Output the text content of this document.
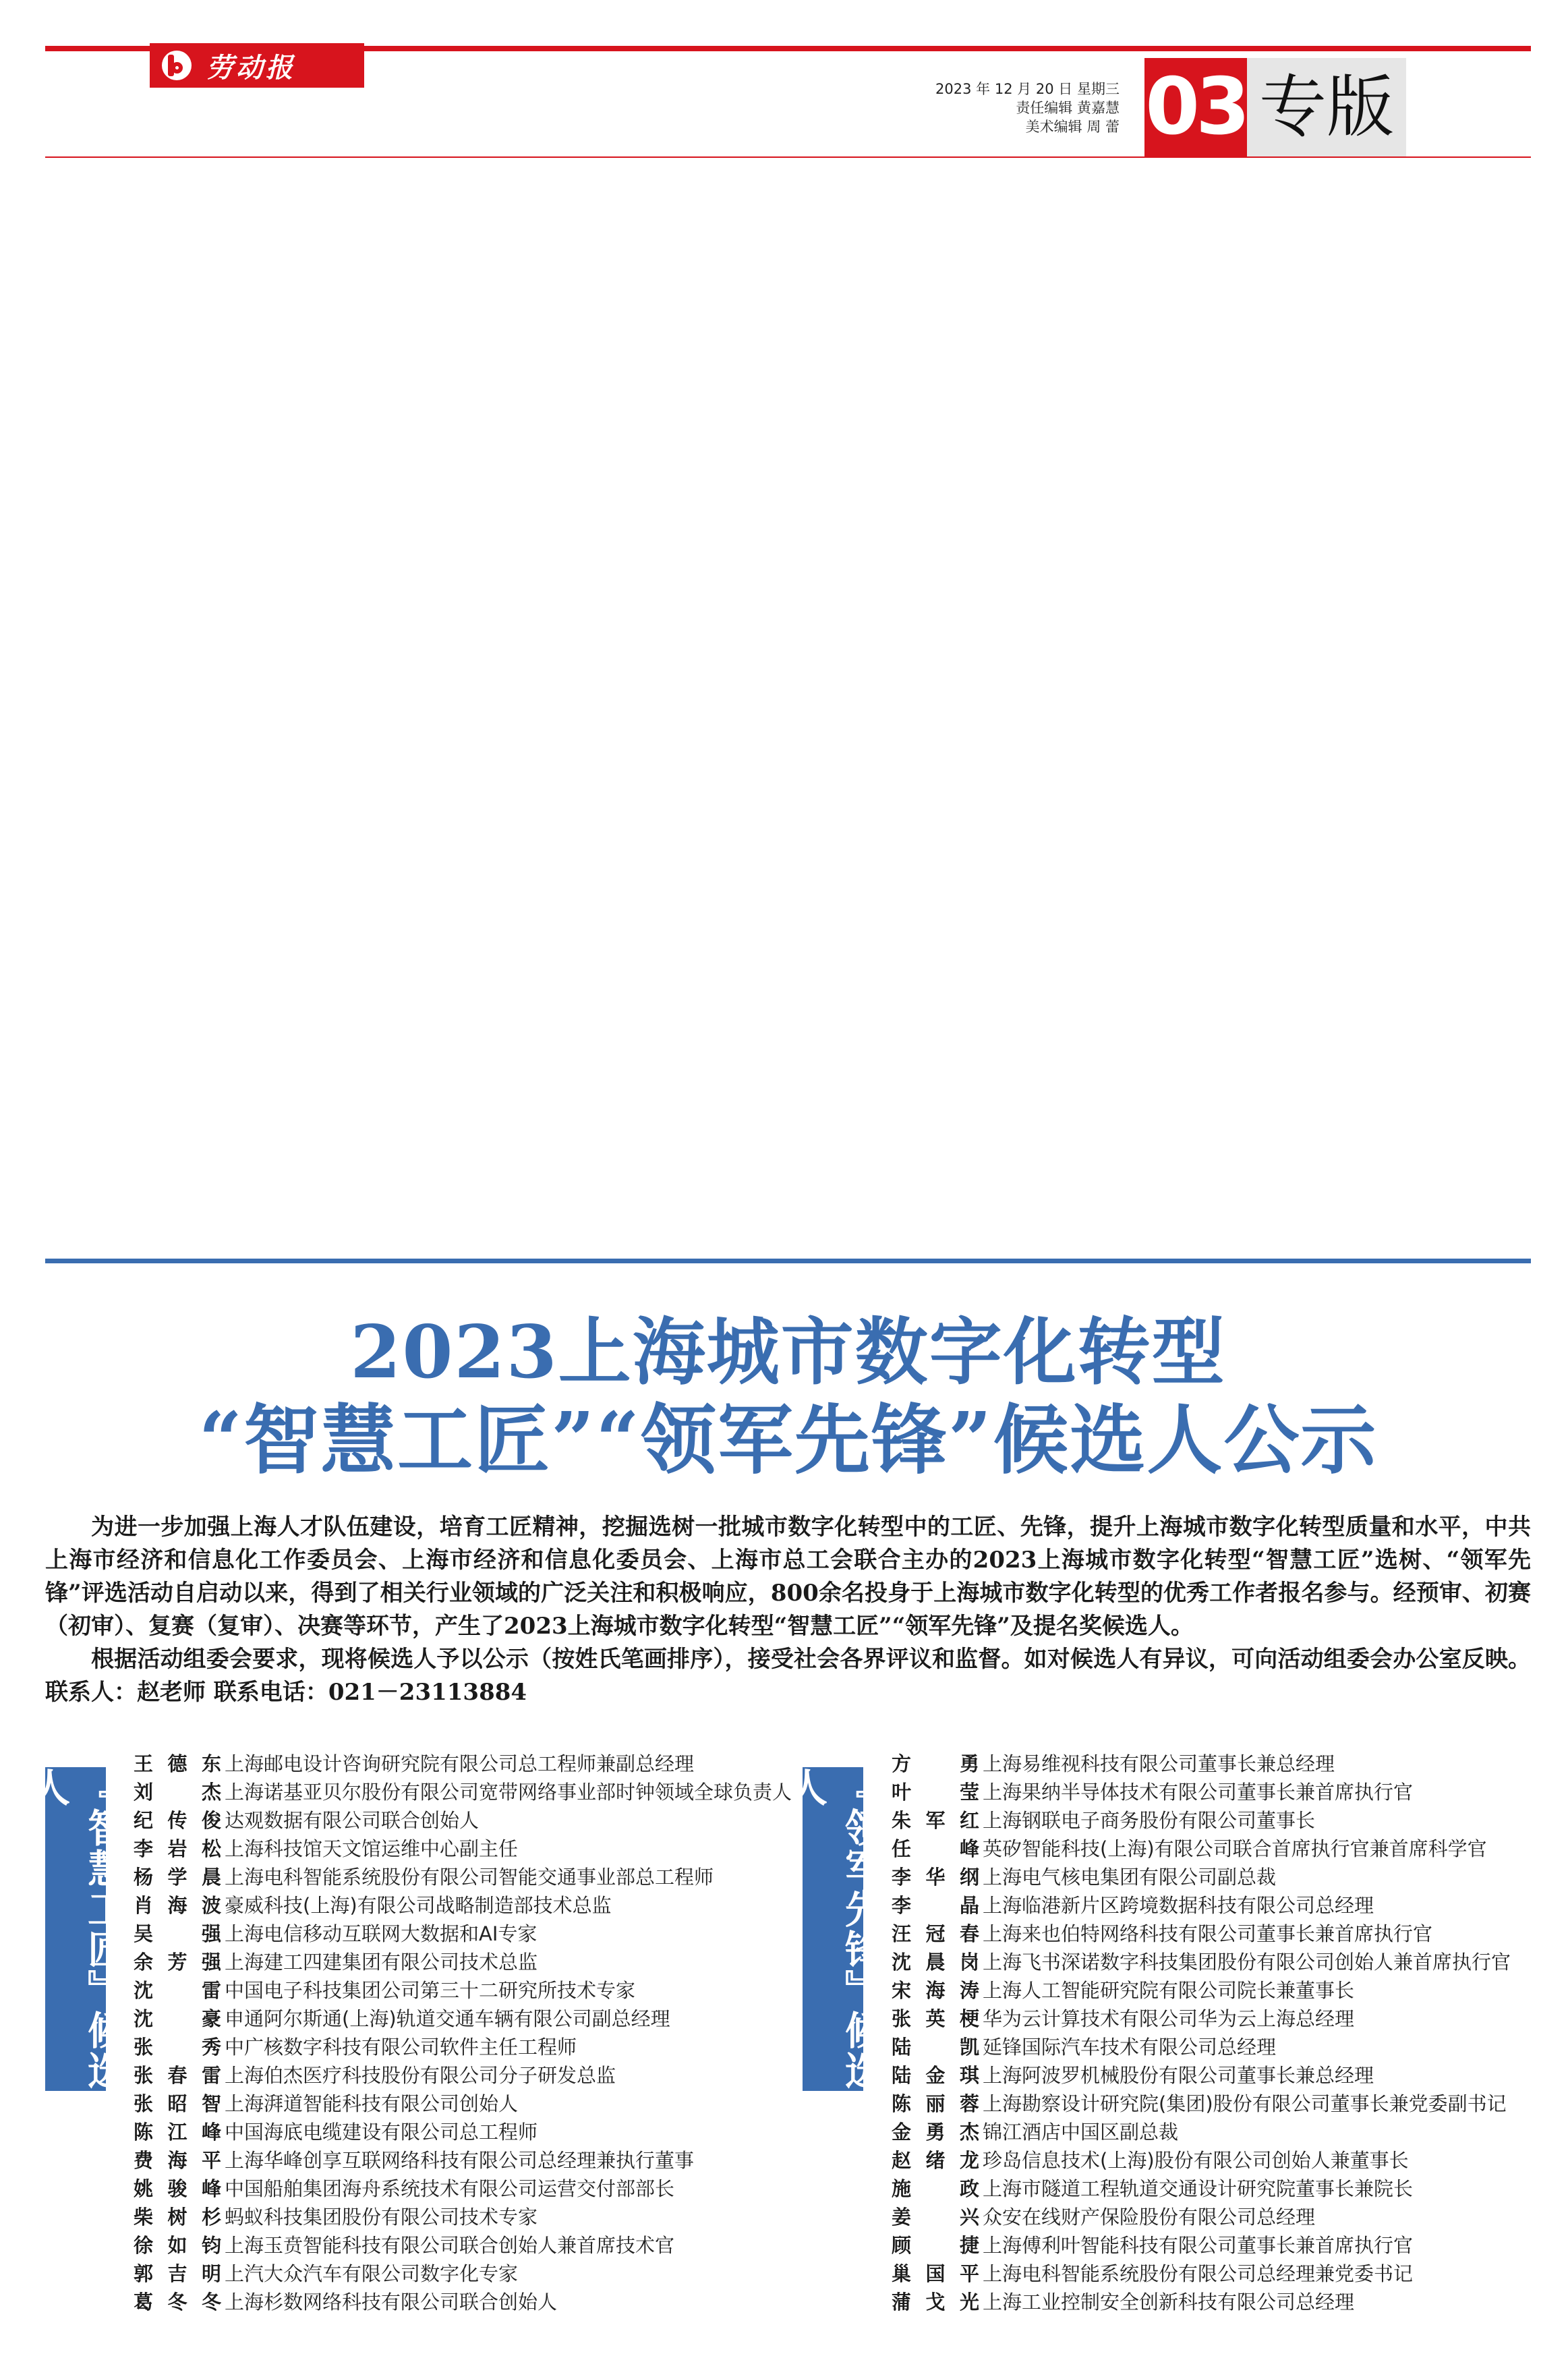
劳动报
2023 年 12 月 20 日 星期三
责任编辑 黄嘉慧
美术编辑 周 蕾 03 专版
2023上海城市数字化转型
“智慧工匠”“领军先锋”候选人公示

为进一步加强上海人才队伍建设，培育工匠精神，挖掘选树一批城市数字化转型中的工匠、先锋，提升上海城市数字化转型质量和水平，中共上海市经济和信息化工作委员会、上海市经济和信息化委员会、上海市总工会联合主办的2023上海城市数字化转型“智慧工匠”选树、“领军先锋”评选活动自启动以来，得到了相关行业领域的广泛关注和积极响应，800余名投身于上海城市数字化转型的优秀工作者报名参与。经预审、初赛（初审）、复赛（复审）、决赛等环节，产生了2023上海城市数字化转型“智慧工匠”“领军先锋”及提名奖候选人。

根据活动组委会要求，现将候选人予以公示（按姓氏笔画排序），接受社会各界评议和监督。如对候选人有异议，可向活动组委会办公室反映。联系人：赵老师 联系电话：021－23113884

『智慧工匠』候选人
王德东 上海邮电设计咨询研究院有限公司总工程师兼副总经理
刘杰 上海诺基亚贝尔股份有限公司宽带网络事业部时钟领域全球负责人
纪传俊 达观数据有限公司联合创始人
李岩松 上海科技馆天文馆运维中心副主任
杨学晨 上海电科智能系统股份有限公司智能交通事业部总工程师
肖海波 豪威科技(上海)有限公司战略制造部技术总监
吴强 上海电信移动互联网大数据和AI专家
余芳强 上海建工四建集团有限公司技术总监
沈雷 中国电子科技集团公司第三十二研究所技术专家
沈豪 申通阿尔斯通(上海)轨道交通车辆有限公司副总经理
张秀 中广核数字科技有限公司软件主任工程师
张春雷 上海伯杰医疗科技股份有限公司分子研发总监
张昭智 上海湃道智能科技有限公司创始人
陈江峰 中国海底电缆建设有限公司总工程师
费海平 上海华峰创享互联网络科技有限公司总经理兼执行董事
姚骏峰 中国船舶集团海舟系统技术有限公司运营交付部部长
柴树杉 蚂蚁科技集团股份有限公司技术专家
徐如钧 上海玉贲智能科技有限公司联合创始人兼首席技术官
郭吉明 上汽大众汽车有限公司数字化专家
葛冬冬 上海杉数网络科技有限公司联合创始人
『领军先锋』候选人
方勇 上海易维视科技有限公司董事长兼总经理
叶莹 上海果纳半导体技术有限公司董事长兼首席执行官
朱军红 上海钢联电子商务股份有限公司董事长
任峰 英矽智能科技(上海)有限公司联合首席执行官兼首席科学官
李华纲 上海电气核电集团有限公司副总裁
李晶 上海临港新片区跨境数据科技有限公司总经理
汪冠春 上海来也伯特网络科技有限公司董事长兼首席执行官
沈晨岗 上海飞书深诺数字科技集团股份有限公司创始人兼首席执行官
宋海涛 上海人工智能研究院有限公司院长兼董事长
张英梗 华为云计算技术有限公司华为云上海总经理
陆凯 延锋国际汽车技术有限公司总经理
陆金琪 上海阿波罗机械股份有限公司董事长兼总经理
陈丽蓉 上海勘察设计研究院(集团)股份有限公司董事长兼党委副书记
金勇杰 锦江酒店中国区副总裁
赵绪龙 珍岛信息技术(上海)股份有限公司创始人兼董事长
施政 上海市隧道工程轨道交通设计研究院董事长兼院长
姜兴 众安在线财产保险股份有限公司总经理
顾捷 上海傅利叶智能科技有限公司董事长兼首席执行官
巢国平 上海电科智能系统股份有限公司总经理兼党委书记
蒲戈光 上海工业控制安全创新科技有限公司总经理
